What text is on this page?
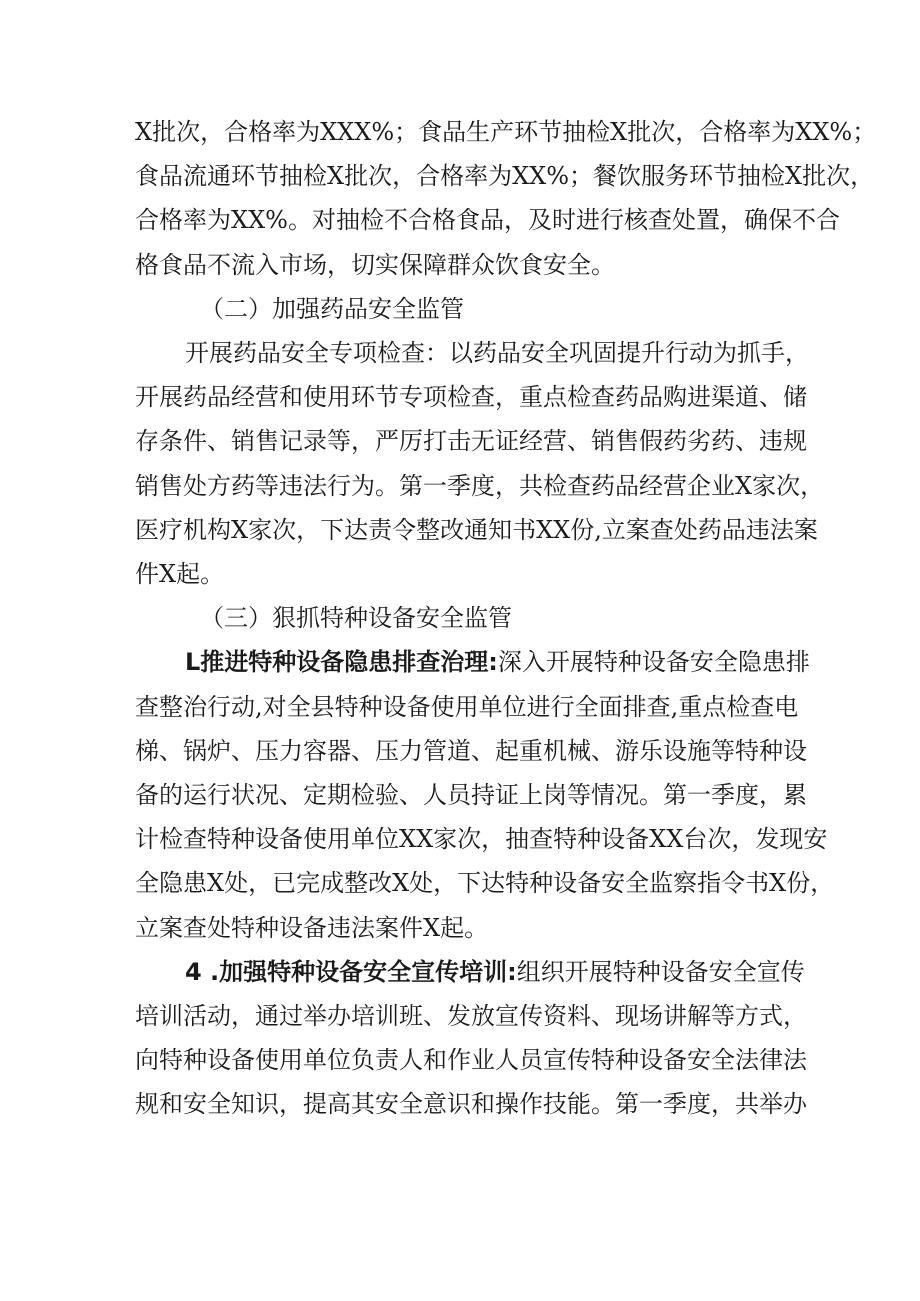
X批次，合格率为XXX%；食品生产环节抽检X批次，合格率为XX%；
食品流通环节抽检X批次，合格率为XX%；餐饮服务环节抽检X批次，
合格率为XX%。对抽检不合格食品，及时进行核查处置，确保不合
格食品不流入市场，切实保障群众饮食安全。
（二）加强药品安全监管
开展药品安全专项检查：以药品安全巩固提升行动为抓手，
开展药品经营和使用环节专项检查，重点检查药品购进渠道、储
存条件、销售记录等，严厉打击无证经营、销售假药劣药、违规
销售处方药等违法行为。第一季度，共检查药品经营企业X家次，
医疗机构X家次，下达责令整改通知书XX份,立案查处药品违法案
件X起。
（三）狠抓特种设备安全监管
L推进特种设备隐患排查治理:深入开展特种设备安全隐患排
查整治行动,对全县特种设备使用单位进行全面排查,重点检查电
梯、锅炉、压力容器、压力管道、起重机械、游乐设施等特种设
备的运行状况、定期检验、人员持证上岗等情况。第一季度，累
计检查特种设备使用单位XX家次，抽查特种设备XX台次，发现安
全隐患X处，已完成整改X处，下达特种设备安全监察指令书X份，
立案查处特种设备违法案件X起。
4 .加强特种设备安全宣传培训:组织开展特种设备安全宣传
培训活动，通过举办培训班、发放宣传资料、现场讲解等方式，
向特种设备使用单位负责人和作业人员宣传特种设备安全法律法
规和安全知识，提高其安全意识和操作技能。第一季度，共举办
